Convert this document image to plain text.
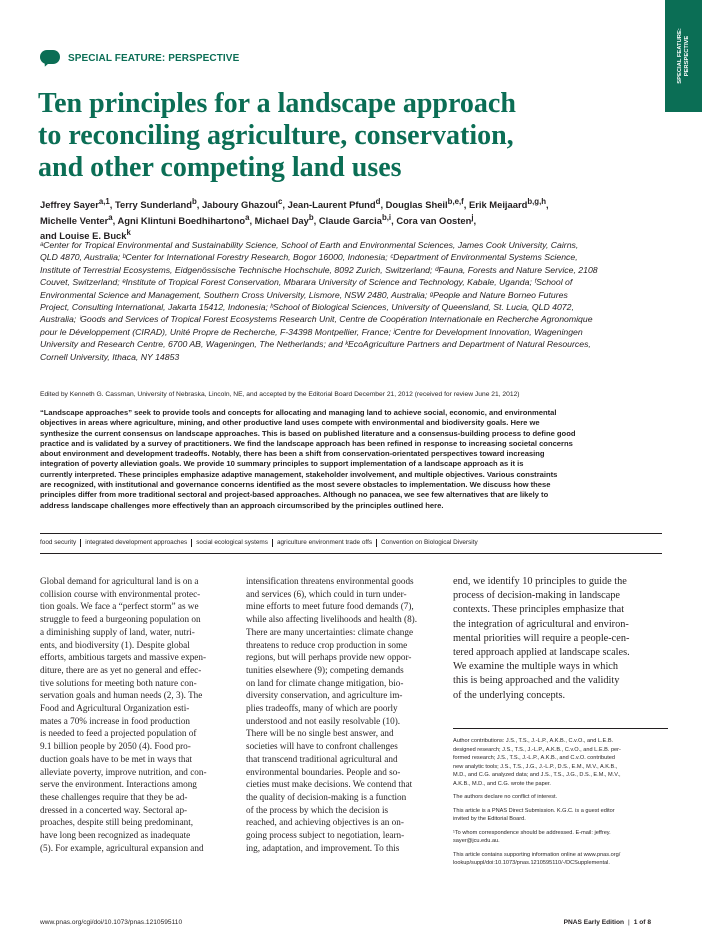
SPECIAL FEATURE:
PERSPECTIVE
SPECIAL FEATURE: PERSPECTIVE
Ten principles for a landscape approach
to reconciling agriculture, conservation,
and other competing land uses
Jeffrey Sayer$^{a,1}$, Terry Sunderland$^b$, Jaboury Ghazoul$^c$, Jean-Laurent Pfund$^d$, Douglas Sheil$^{b,e,f}$, Erik Meijaard$^{b,g,h}$,
Michelle Venter$^a$, Agni Klintuni Boedhihartono$^a$, Michael Day$^b$, Claude Garcia$^{b,i}$, Cora van Oosten$^j$,
and Louise E. Buck$^k$
ᵃCenter for Tropical Environmental and Sustainability Science, School of Earth and Environmental Sciences, James Cook University, Cairns,
QLD 4870, Australia; ᵇCenter for International Forestry Research, Bogor 16000, Indonesia; ᶜDepartment of Environmental Systems Science,
Institute of Terrestrial Ecosystems, Eidgenössische Technische Hochschule, 8092 Zurich, Switzerland; ᵈFauna, Forests and Nature Service, 2108
Couvet, Switzerland; ᵉInstitute of Tropical Forest Conservation, Mbarara University of Science and Technology, Kabale, Uganda; ᶠSchool of
Environmental Science and Management, Southern Cross University, Lismore, NSW 2480, Australia; ᵍPeople and Nature Borneo Futures
Project, Consulting International, Jakarta 15412, Indonesia; ʰSchool of Biological Sciences, University of Queensland, St. Lucia, QLD 4072,
Australia; ⁱGoods and Services of Tropical Forest Ecosystems Research Unit, Centre de Coopération Internationale en Recherche Agronomique
pour le Développement (CIRAD), Unité Propre de Recherche, F-34398 Montpellier, France; ʲCentre for Development Innovation, Wageningen
University and Research Centre, 6700 AB, Wageningen, The Netherlands; and ᵏEcoAgriculture Partners and Department of Natural Resources,
Cornell University, Ithaca, NY 14853
Edited by Kenneth G. Cassman, University of Nebraska, Lincoln, NE, and accepted by the Editorial Board December 21, 2012 (received for review June 21, 2012)
“Landscape approaches” seek to provide tools and concepts for allocating and managing land to achieve social, economic, and environmental
objectives in areas where agriculture, mining, and other productive land uses compete with environmental and biodiversity goals. Here we
synthesize the current consensus on landscape approaches. This is based on published literature and a consensus-building process to define good
practice and is validated by a survey of practitioners. We find the landscape approach has been refined in response to increasing societal concerns
about environment and development tradeoffs. Notably, there has been a shift from conservation-orientated perspectives toward increasing
integration of poverty alleviation goals. We provide 10 summary principles to support implementation of a landscape approach as it is
currently interpreted. These principles emphasize adaptive management, stakeholder involvement, and multiple objectives. Various constraints
are recognized, with institutional and governance concerns identified as the most severe obstacles to implementation. We discuss how these
principles differ from more traditional sectoral and project-based approaches. Although no panacea, we see few alternatives that are likely to
address landscape challenges more effectively than an approach circumscribed by the principles outlined here.
food security	integrated development approaches	social ecological systems	agriculture environment trade offs	Convention on Biological Diversity
Global demand for agricultural land is on a
collision course with environmental protec-
tion goals. We face a “perfect storm” as we
struggle to feed a burgeoning population on
a diminishing supply of land, water, nutri-
ents, and biodiversity (1). Despite global
efforts, ambitious targets and massive expen-
diture, there are as yet no general and effec-
tive solutions for meeting both nature con-
servation goals and human needs (2, 3). The
Food and Agricultural Organization esti-
mates a 70% increase in food production
is needed to feed a projected population of
9.1 billion people by 2050 (4). Food pro-
duction goals have to be met in ways that
alleviate poverty, improve nutrition, and con-
serve the environment. Interactions among
these challenges require that they be ad-
dressed in a concerted way. Sectoral ap-
proaches, despite still being predominant,
have long been recognized as inadequate
(5). For example, agricultural expansion and
intensification threatens environmental goods
and services (6), which could in turn under-
mine efforts to meet future food demands (7),
while also affecting livelihoods and health (8).
There are many uncertainties: climate change
threatens to reduce crop production in some
regions, but will perhaps provide new oppor-
tunities elsewhere (9); competing demands
on land for climate change mitigation, bio-
diversity conservation, and agriculture im-
plies tradeoffs, many of which are poorly
understood and not easily resolvable (10).
There will be no single best answer, and
societies will have to confront challenges
that transcend traditional agricultural and
environmental boundaries. People and so-
cieties must make decisions. We contend that
the quality of decision-making is a function
of the process by which the decision is
reached, and achieving objectives is an on-
going process subject to negotiation, learn-
ing, adaptation, and improvement. To this
end, we identify 10 principles to guide the
process of decision-making in landscape
contexts. These principles emphasize that
the integration of agricultural and environ-
mental priorities will require a people-cen-
tered approach applied at landscape scales.
We examine the multiple ways in which
this is being approached and the validity
of the underlying concepts.
Author contributions: J.S., T.S., J.-L.P., A.K.B., C.v.O., and L.E.B.
designed research; J.S., T.S., J.-L.P., A.K.B., C.v.O., and L.E.B. per-
formed research; J.S., T.S., J.-L.P., A.K.B., and C.v.O. contributed
new analytic tools; J.S., T.S., J.G., J.-L.P., D.S., E.M., M.V., A.K.B.,
M.D., and C.G. analyzed data; and J.S., T.S., J.G., D.S., E.M., M.V.,
A.K.B., M.D., and C.G. wrote the paper.
The authors declare no conflict of interest.
This article is a PNAS Direct Submission. K.G.C. is a guest editor
invited by the Editorial Board.
¹To whom correspondence should be addressed. E-mail: jeffrey.
sayer@jcu.edu.au.
This article contains supporting information online at www.pnas.org/
lookup/suppl/doi:10.1073/pnas.1210595110/-/DCSupplemental.
www.pnas.org/cgi/doi/10.1073/pnas.1210595110	PNAS Early Edition | 1 of 8
